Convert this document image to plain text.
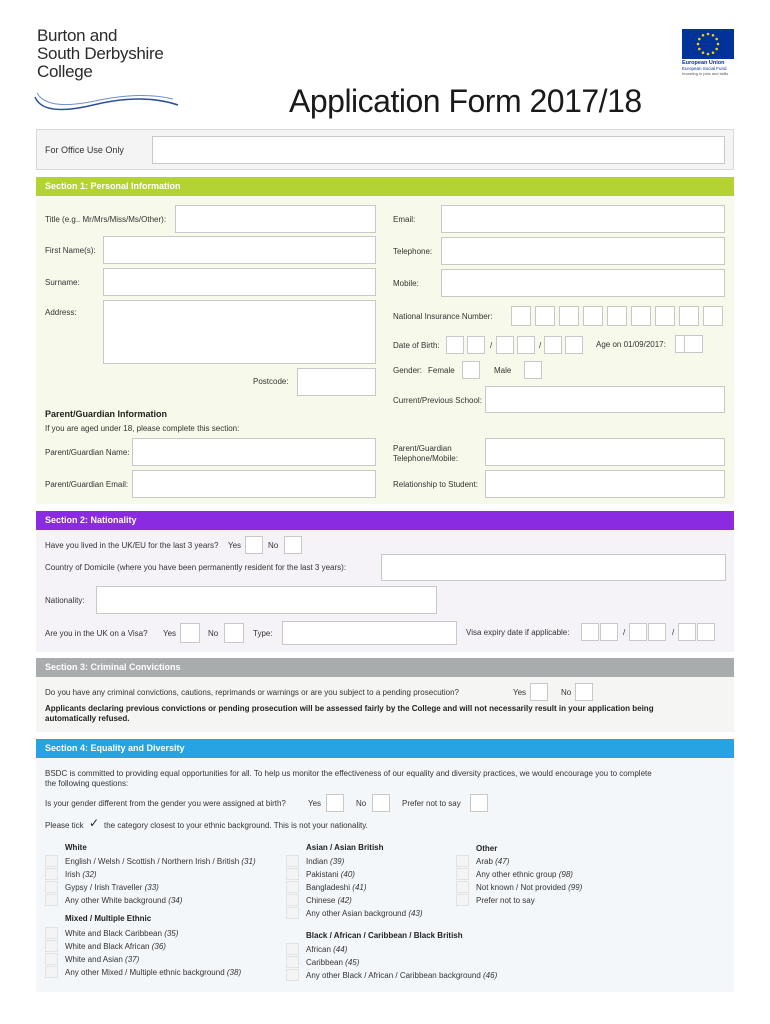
Burton and
South Derbyshire
College	European Union
European Social Fund
Investing in jobs and skills
Application Form 2017/18
For Office Use Only
Section 1: Personal Information
Title (e.g.. Mr/Mrs/Miss/Ms/Other):	Email:
First Name(s):	Telephone:
Surname:	Mobile:
Address:	National Insurance Number:
Date of Birth:	/	/	Age on 01/09/2017:
Postcode:
Gender: Female	Male
Current/Previous School:
Parent/Guardian Information
If you are aged under 18, please complete this section:
Parent/Guardian Name:	Parent/Guardian
Telephone/Mobile:
Parent/Guardian Email:	Relationship to Student:
Section 2: Nationality
Have you lived in the UK/EU for the last 3 years? Yes	No
Country of Domicile (where you have been permanently resident for the last 3 years):
Nationality:
Are you in the UK on a Visa? Yes	No	Type:	Visa expiry date if applicable:	/	/
Section 3: Criminal Convictions
Do you have any criminal convictions, cautions, reprimands or warnings or are you subject to a pending prosecution?	Yes	No
Applicants declaring previous convictions or pending prosecution will be assessed fairly by the College and will not necessarily result in your application being
automatically refused.
Section 4: Equality and Diversity
BSDC is committed to providing equal opportunities for all. To help us monitor the effectiveness of our equality and diversity practices, we would encourage you to complete
the following questions:
Is your gender different from the gender you were assigned at birth?	Yes	No	Prefer not to say
Please tick ✓ the category closest to your ethnic background. This is not your nationality.
White
English / Welsh / Scottish / Northern Irish / British (31)
Irish (32)
Gypsy / Irish Traveller (33)
Any other White background (34)
Mixed / Multiple Ethnic
White and Black Caribbean (35)
White and Black African (36)
White and Asian (37)
Any other Mixed / Multiple ethnic background (38)
Asian / Asian British
Indian (39)
Pakistani (40)
Bangladeshi (41)
Chinese (42)
Any other Asian background (43)
Black / African / Caribbean / Black British
African (44)
Caribbean (45)
Any other Black / African / Caribbean background (46)
Other
Arab (47)
Any other ethnic group (98)
Not known / Not provided (99)
Prefer not to say
